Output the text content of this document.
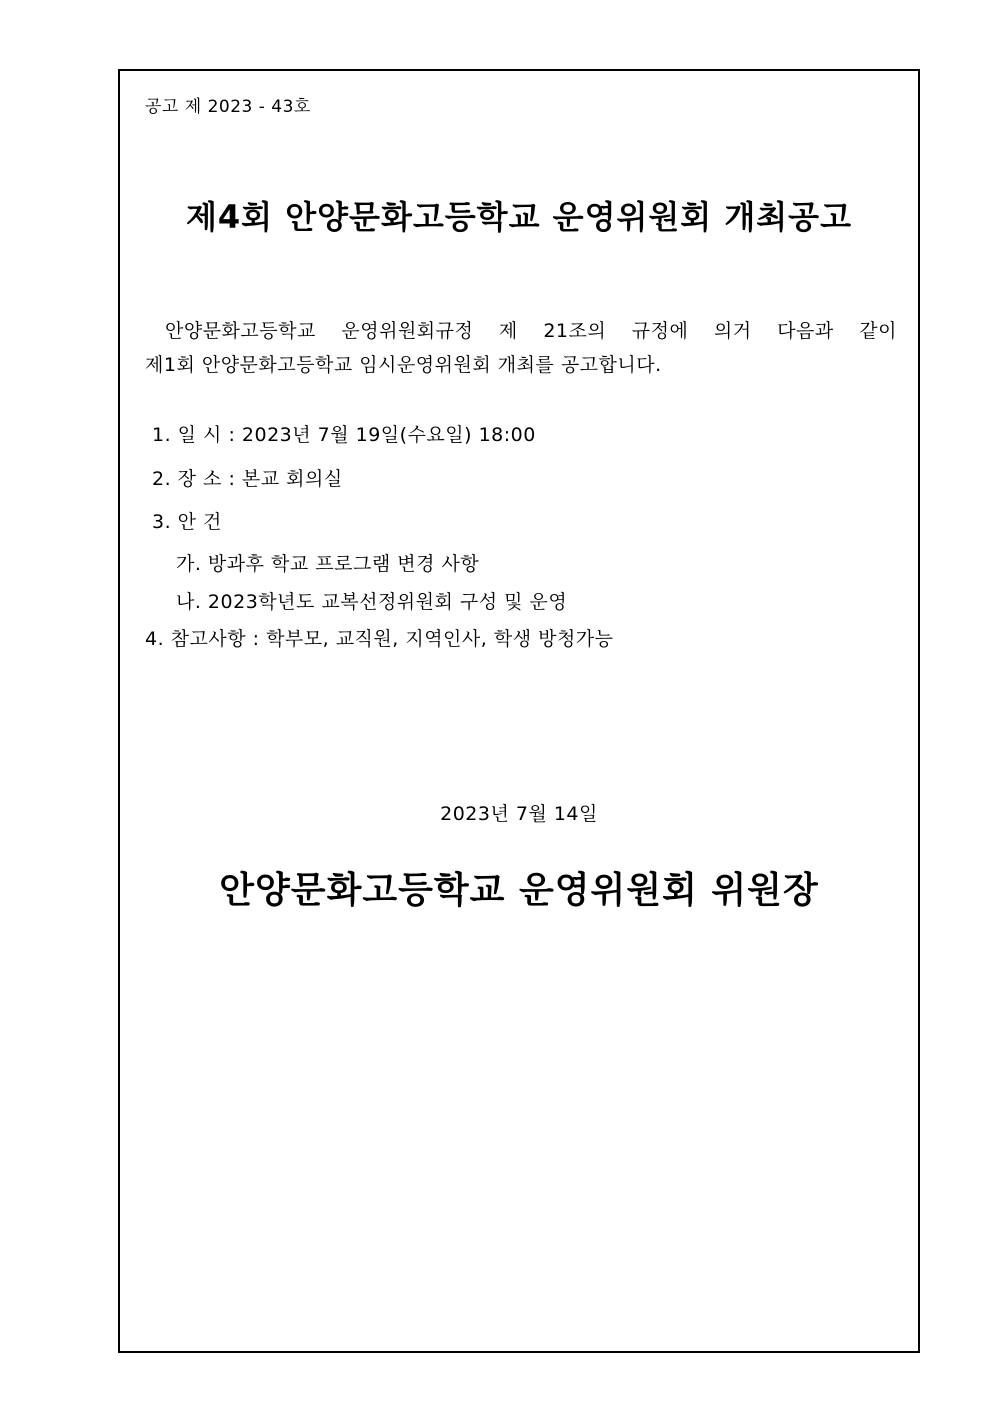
공고 제 2023 - 43호
제4회 안양문화고등학교 운영위원회 개최공고
안양문화고등학교 운영위원회규정 제 21조의 규정에 의거 다음과 같이
제1회 안양문화고등학교 임시운영위원회 개최를 공고합니다.
1. 일 시 : 2023년 7월 19일(수요일) 18:00
2. 장 소 : 본교 회의실
3. 안 건
가. 방과후 학교 프로그램 변경 사항
나. 2023학년도 교복선정위원회 구성 및 운영
4. 참고사항 : 학부모, 교직원, 지역인사, 학생 방청가능
2023년 7월 14일
안양문화고등학교 운영위원회 위원장
